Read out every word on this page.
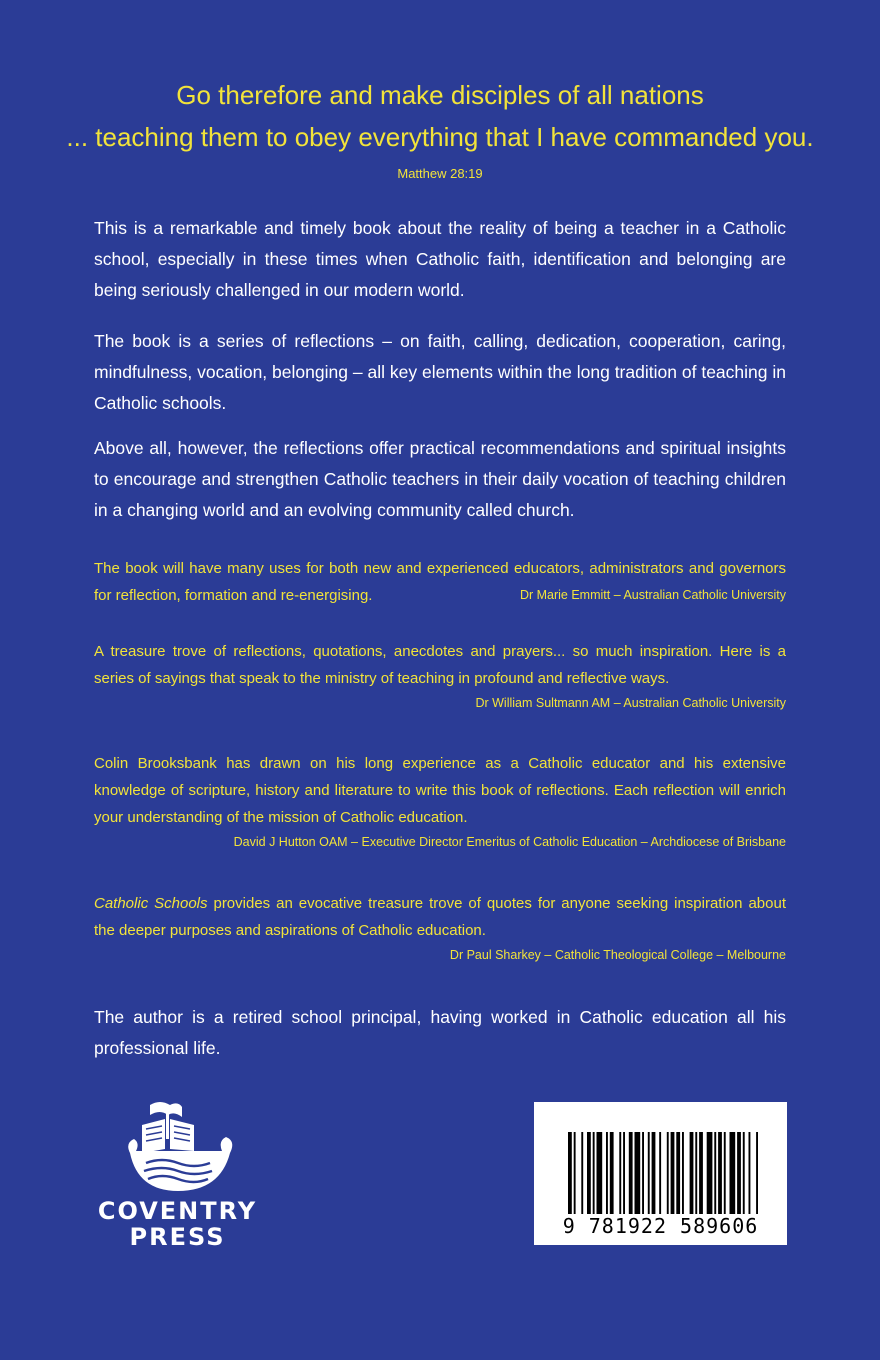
Go therefore and make disciples of all nations
... teaching them to obey everything that I have commanded you.
Matthew 28:19

This is a remarkable and timely book about the reality of being a teacher in a Catholic school, especially in these times when Catholic faith, identification and belonging are being seriously challenged in our modern world.

The book is a series of reflections – on faith, calling, dedication, cooperation, caring, mindfulness, vocation, belonging – all key elements within the long tradition of teaching in Catholic schools.

Above all, however, the reflections offer practical recommendations and spiritual insights to encourage and strengthen Catholic teachers in their daily vocation of teaching children in a changing world and an evolving community called church.

The book will have many uses for both new and experienced educators, administrators and governors for reflection, formation and re-energising.	Dr Marie Emmitt – Australian Catholic University
A treasure trove of reflections, quotations, anecdotes and prayers... so much inspiration. Here is a series of sayings that speak to the ministry of teaching in profound and reflective ways.
Dr William Sultmann AM – Australian Catholic University
Colin Brooksbank has drawn on his long experience as a Catholic educator and his extensive knowledge of scripture, history and literature to write this book of reflections. Each reflection will enrich your understanding of the mission of Catholic education.
David J Hutton OAM – Executive Director Emeritus of Catholic Education – Archdiocese of Brisbane
Catholic Schools provides an evocative treasure trove of quotes for anyone seeking inspiration about the deeper purposes and aspirations of Catholic education.
Dr Paul Sharkey – Catholic Theological College – Melbourne

The author is a retired school principal, having worked in Catholic education all his professional life.

COVENTRY
PRESS	9 781922 589606
